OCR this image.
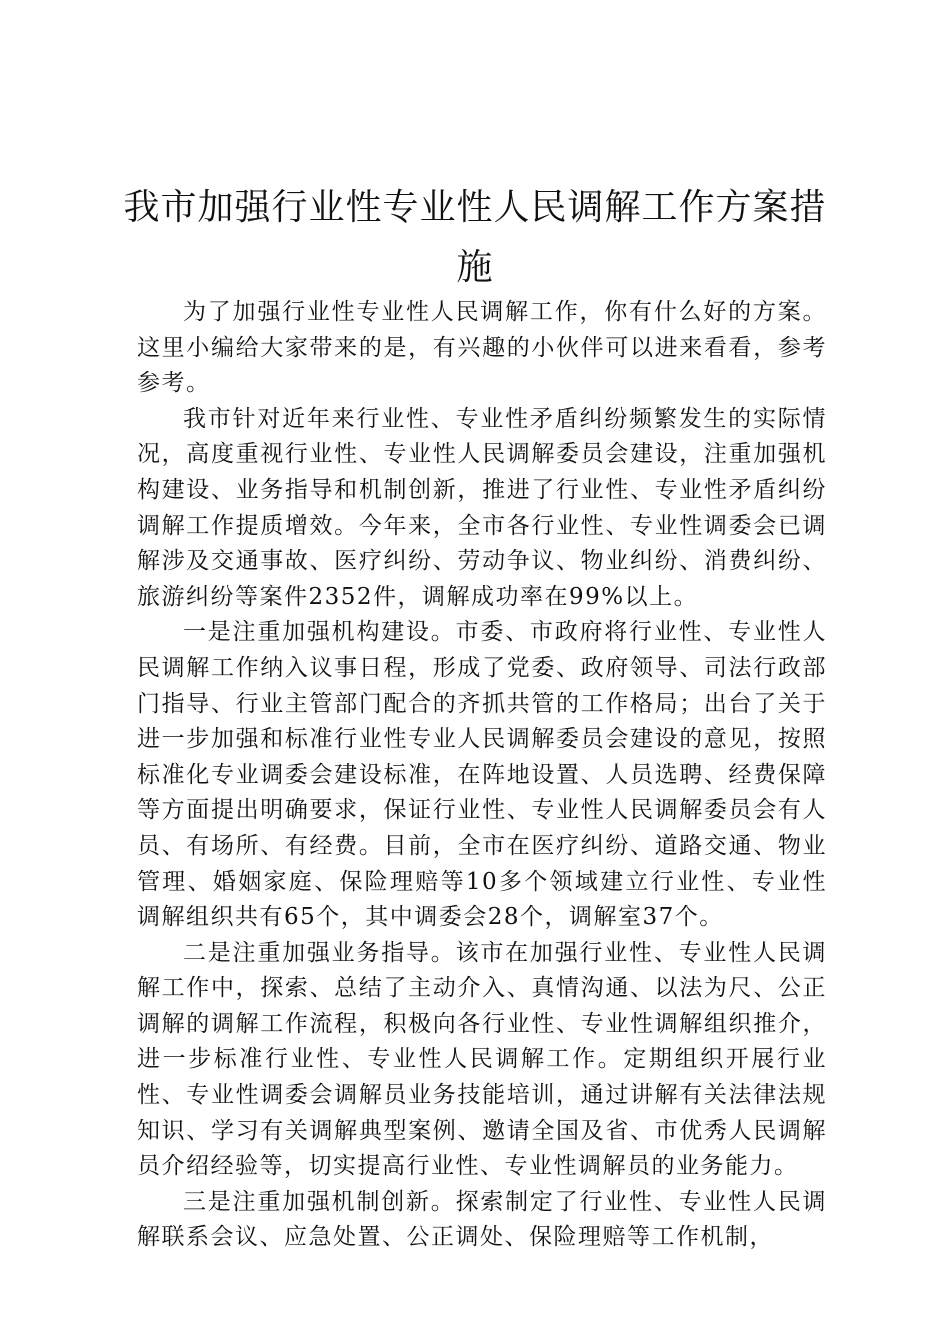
我市加强行业性专业性人民调解工作方案措施

为了加强行业性专业性人民调解工作，你有什么好的方案。这里小编给大家带来的是，有兴趣的小伙伴可以进来看看，参考参考。

我市针对近年来行业性、专业性矛盾纠纷频繁发生的实际情况，高度重视行业性、专业性人民调解委员会建设，注重加强机构建设、业务指导和机制创新，推进了行业性、专业性矛盾纠纷调解工作提质增效。今年来，全市各行业性、专业性调委会已调解涉及交通事故、医疗纠纷、劳动争议、物业纠纷、消费纠纷、旅游纠纷等案件2352件，调解成功率在99%以上。

一是注重加强机构建设。市委、市政府将行业性、专业性人民调解工作纳入议事日程，形成了党委、政府领导、司法行政部门指导、行业主管部门配合的齐抓共管的工作格局；出台了关于进一步加强和标准行业性专业人民调解委员会建设的意见，按照标准化专业调委会建设标准，在阵地设置、人员选聘、经费保障等方面提出明确要求，保证行业性、专业性人民调解委员会有人员、有场所、有经费。目前，全市在医疗纠纷、道路交通、物业管理、婚姻家庭、保险理赔等10多个领域建立行业性、专业性调解组织共有65个，其中调委会28个，调解室37个。

二是注重加强业务指导。该市在加强行业性、专业性人民调解工作中，探索、总结了主动介入、真情沟通、以法为尺、公正调解的调解工作流程，积极向各行业性、专业性调解组织推介，进一步标准行业性、专业性人民调解工作。定期组织开展行业性、专业性调委会调解员业务技能培训，通过讲解有关法律法规知识、学习有关调解典型案例、邀请全国及省、市优秀人民调解员介绍经验等，切实提高行业性、专业性调解员的业务能力。

三是注重加强机制创新。探索制定了行业性、专业性人民调解联系会议、应急处置、公正调处、保险理赔等工作机制，
